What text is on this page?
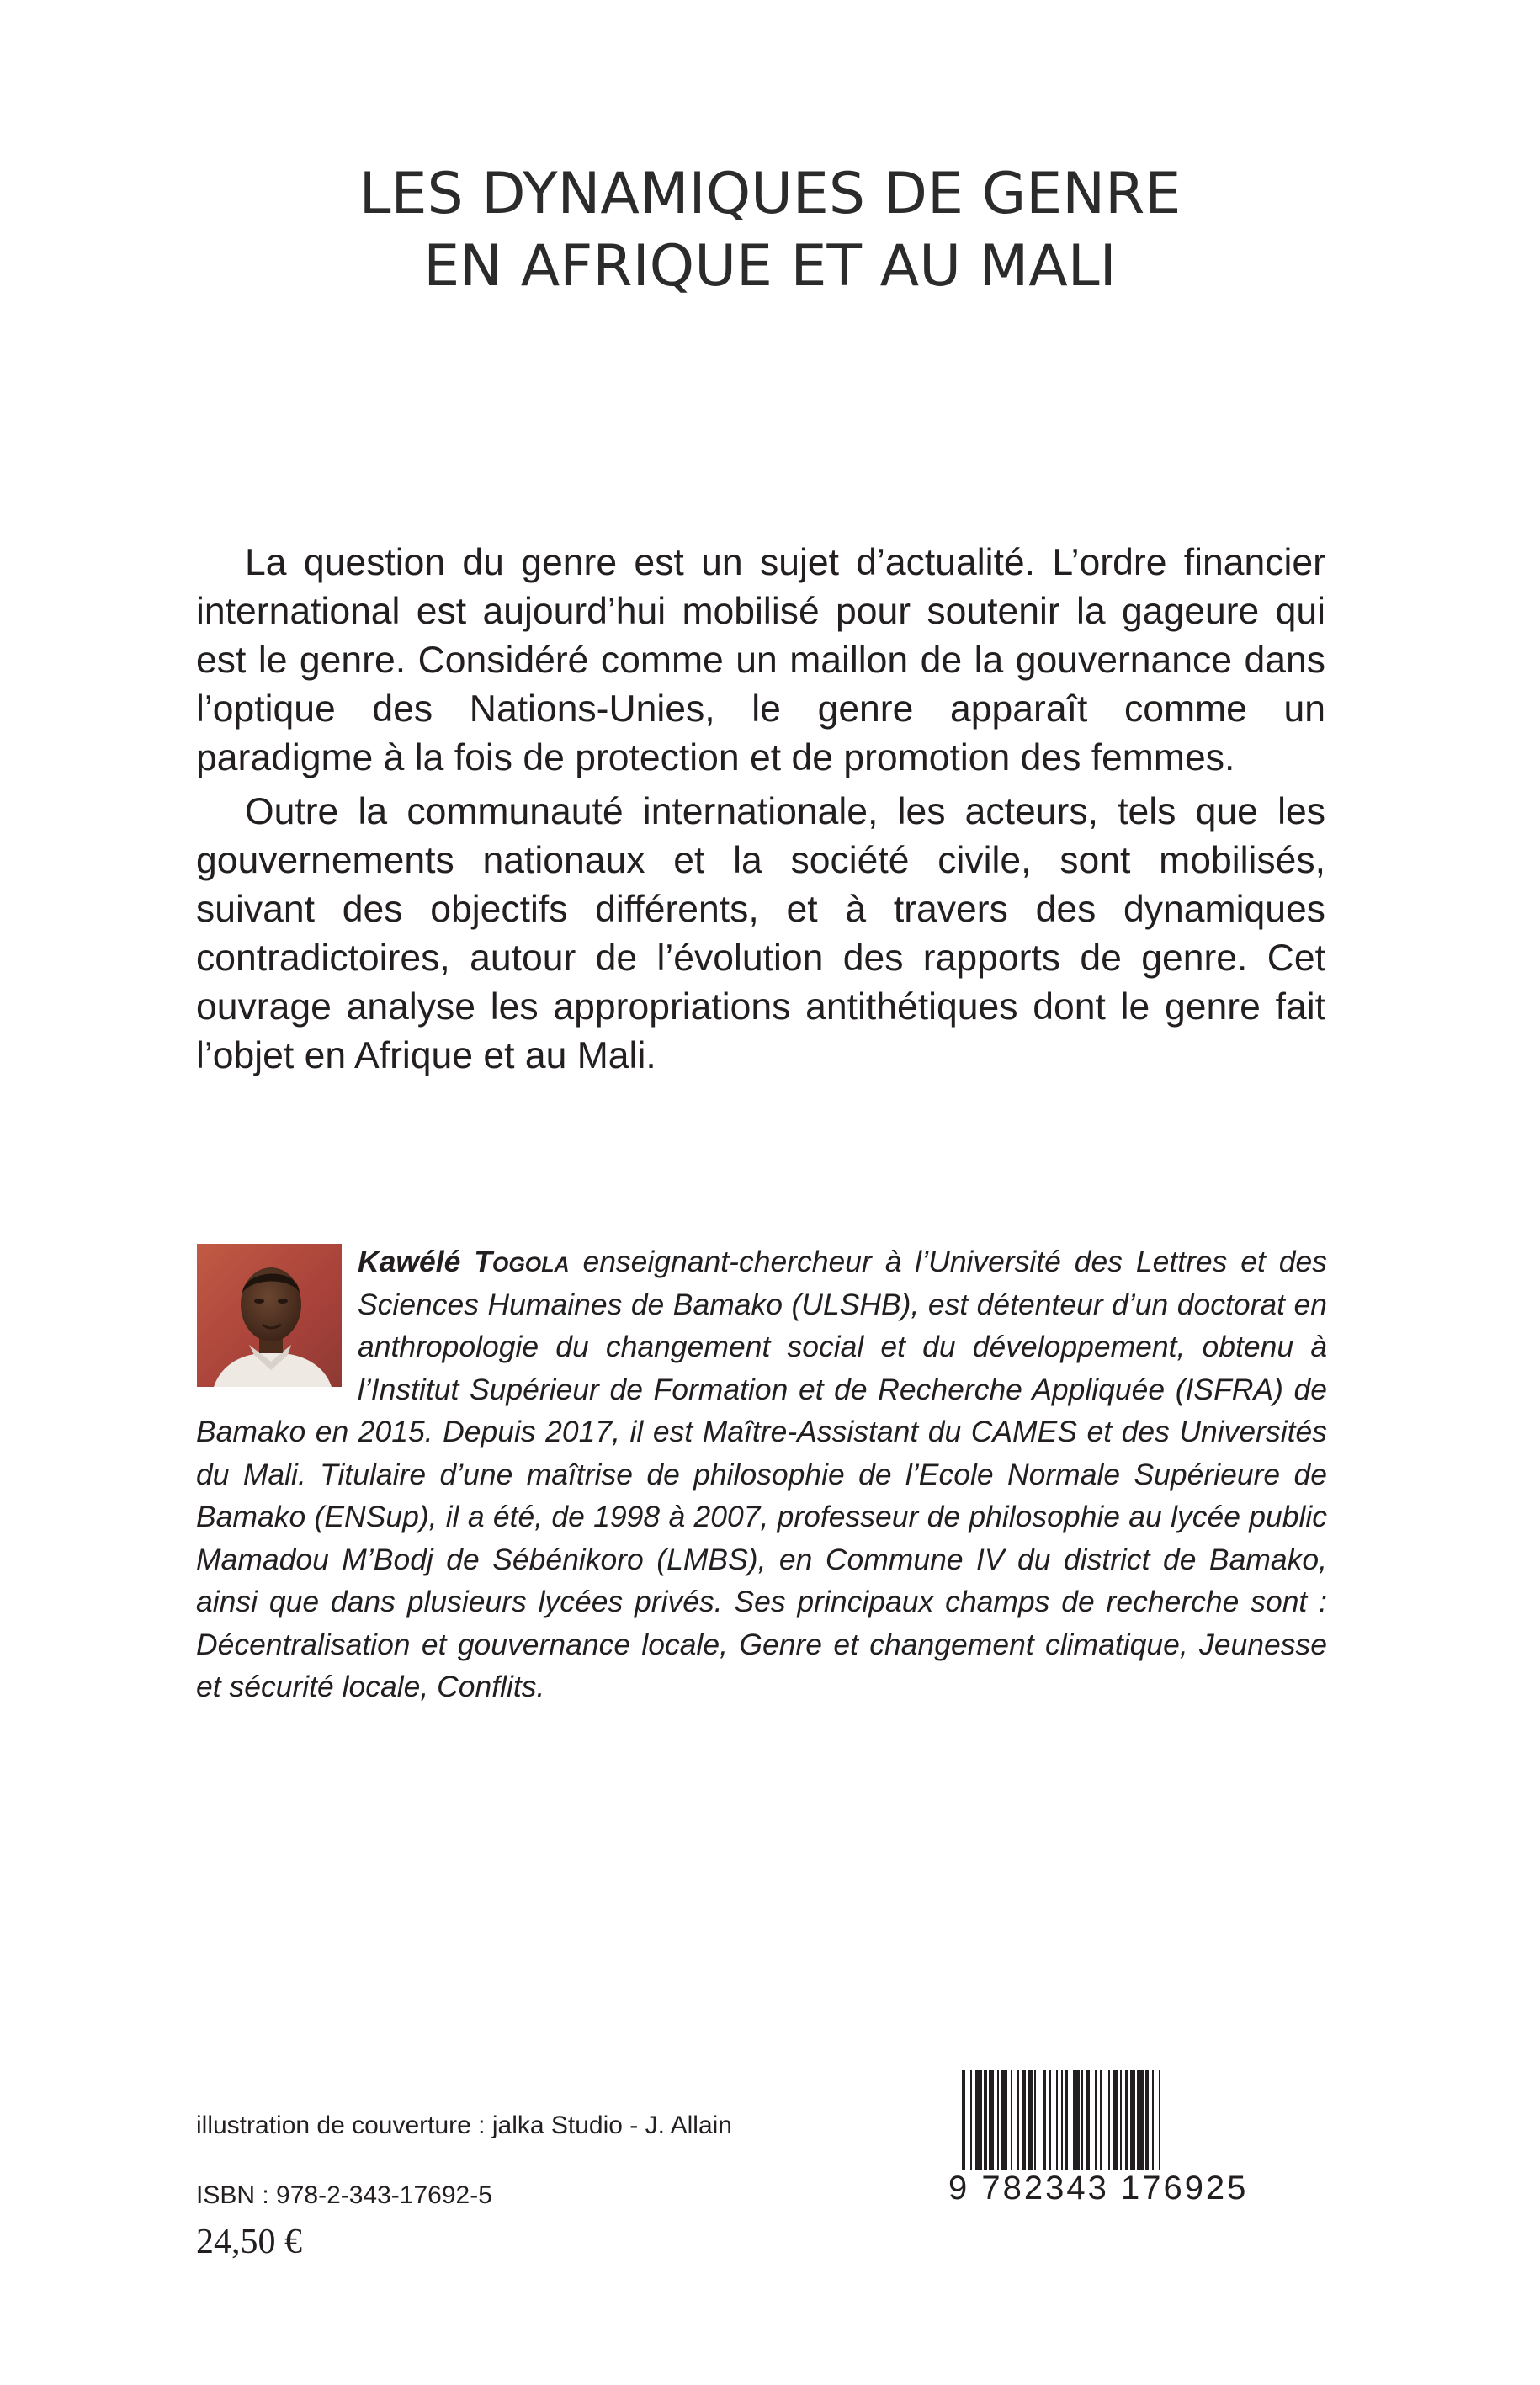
LES DYNAMIQUES DE GENRE
EN AFRIQUE ET AU MALI

La question du genre est un sujet d’actualité. L’ordre financier international est aujourd’hui mobilisé pour soutenir la gageure qui est le genre. Considéré comme un maillon de la gouvernance dans l’optique des Nations-Unies, le genre apparaît comme un paradigme à la fois de protection et de promotion des femmes.

Outre la communauté internationale, les acteurs, tels que les gouvernements nationaux et la société civile, sont mobilisés, suivant des objectifs différents, et à travers des dynamiques contradictoires, autour de l’évolution des rapports de genre. Cet ouvrage analyse les appropriations antithétiques dont le genre fait l’objet en Afrique et au Mali.

Kawélé Togola enseignant-chercheur à l’Université des Lettres et des Sciences Humaines de Bamako (ULSHB), est détenteur d’un doctorat en anthropologie du changement social et du développement, obtenu à l’Institut Supérieur de Formation et de Recherche Appliquée (ISFRA) de Bamako en 2015. Depuis 2017, il est Maître-Assistant du CAMES et des Universités du Mali. Titulaire d’une maîtrise de philosophie de l’Ecole Normale Supérieure de Bamako (ENSup), il a été, de 1998 à 2007, professeur de philosophie au lycée public Mamadou M’Bodj de Sébénikoro (LMBS), en Commune IV du district de Bamako, ainsi que dans plusieurs lycées privés. Ses principaux champs de recherche sont : Décentralisation et gouvernance locale, Genre et changement climatique, Jeunesse et sécurité locale, Conflits.
illustration de couverture : jalka Studio - J. Allain
ISBN : 978-2-343-17692-5
24,50 €
9 782343 176925
